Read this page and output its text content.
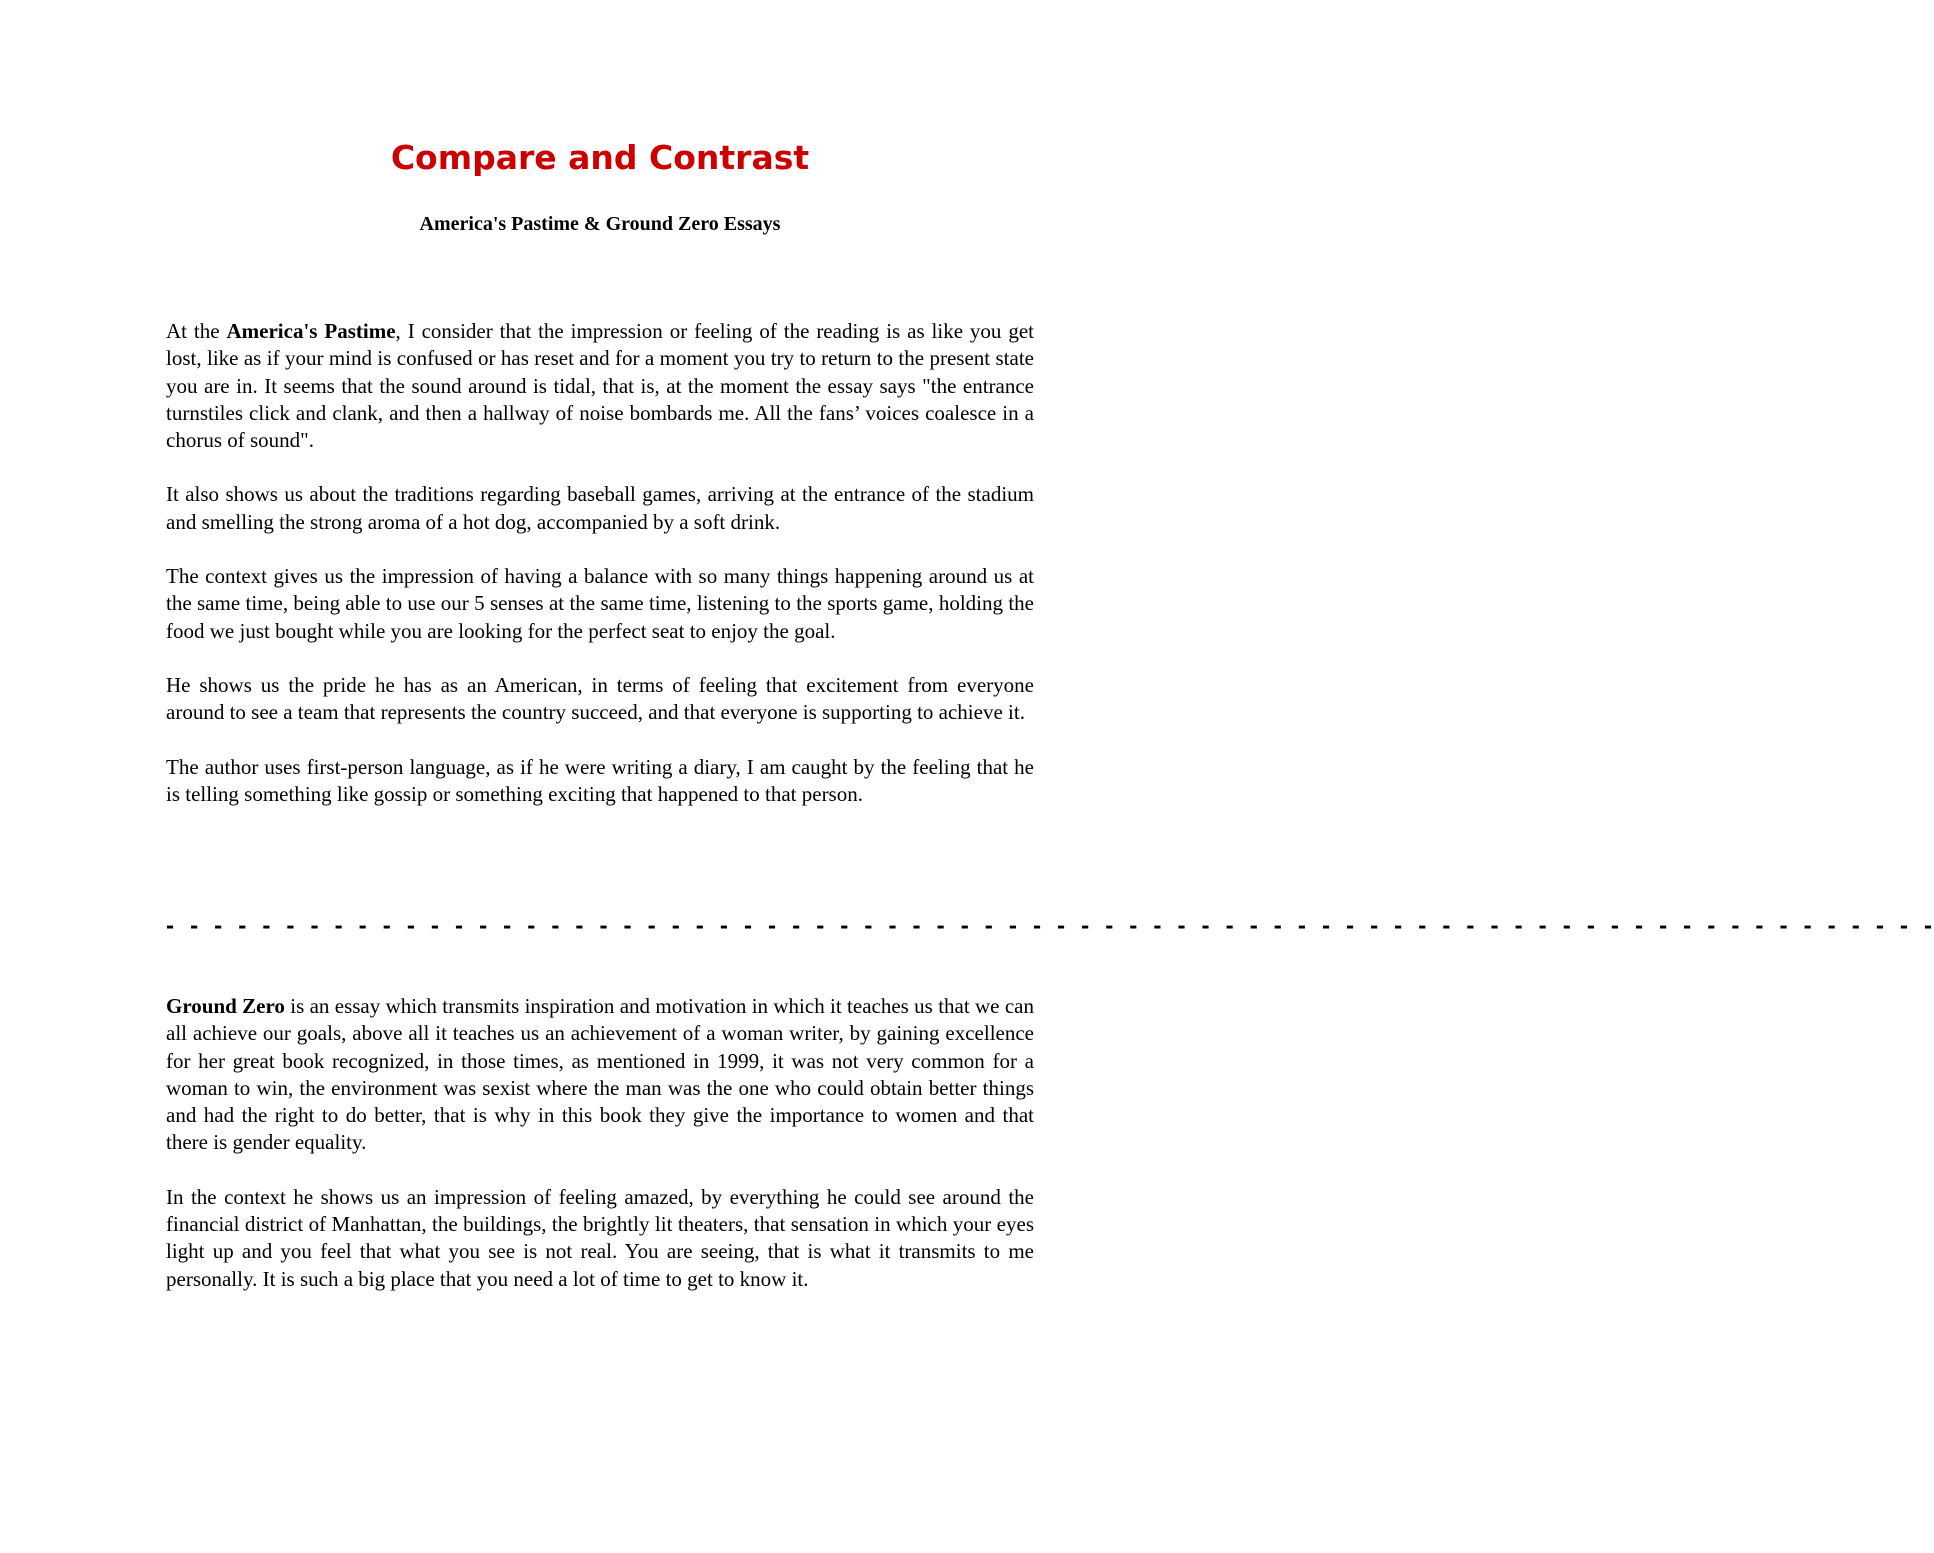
Compare and Contrast
America's Pastime & Ground Zero Essays

At the America's Pastime, I consider that the impression or feeling of the reading is as like you get lost, like as if your mind is confused or has reset and for a moment you try to return to the present state you are in. It seems that the sound around is tidal, that is, at the moment the essay says "the entrance turnstiles click and clank, and then a hallway of noise bombards me. All the fans’ voices coalesce in a chorus of sound".

It also shows us about the traditions regarding baseball games, arriving at the entrance of the stadium and smelling the strong aroma of a hot dog, accompanied by a soft drink.

The context gives us the impression of having a balance with so many things happening around us at the same time, being able to use our 5 senses at the same time, listening to the sports game, holding the food we just bought while you are looking for the perfect seat to enjoy the goal.

He shows us the pride he has as an American, in terms of feeling that excitement from everyone around to see a team that represents the country succeed, and that everyone is supporting to achieve it.

The author uses first-person language, as if he were writing a diary, I am caught by the feeling that he is telling something like gossip or something exciting that happened to that person.

- - - - - - - - - - - - - - - - - - - - - - - - - - - - - - - - - - - - - - - - - - - - - - - - - - - - - - - - - - - - - - - - - - - - - - - - - -

Ground Zero is an essay which transmits inspiration and motivation in which it teaches us that we can all achieve our goals, above all it teaches us an achievement of a woman writer, by gaining excellence for her great book recognized, in those times, as mentioned in 1999, it was not very common for a woman to win, the environment was sexist where the man was the one who could obtain better things and had the right to do better, that is why in this book they give the importance to women and that there is gender equality.

In the context he shows us an impression of feeling amazed, by everything he could see around the financial district of Manhattan, the buildings, the brightly lit theaters, that sensation in which your eyes light up and you feel that what you see is not real. You are seeing, that is what it transmits to me personally. It is such a big place that you need a lot of time to get to know it.
